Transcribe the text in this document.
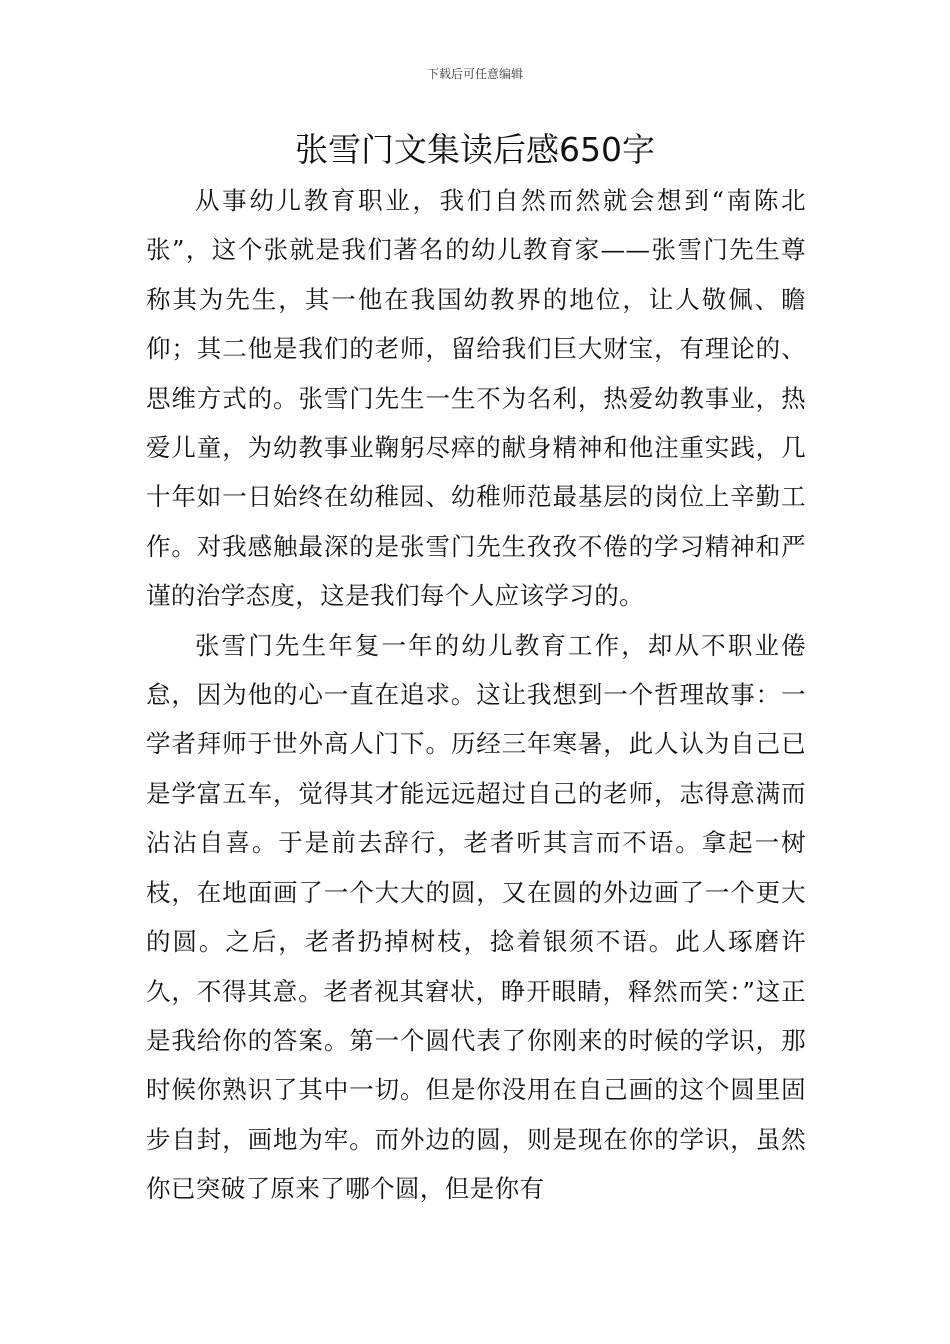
下载后可任意编辑
张雪门文集读后感650字

从事幼儿教育职业，我们自然而然就会想到“南陈北张”，这个张就是我们著名的幼儿教育家——张雪门先生尊称其为先生，其一他在我国幼教界的地位，让人敬佩、瞻仰；其二他是我们的老师，留给我们巨大财宝，有理论的、思维方式的。张雪门先生一生不为名利，热爱幼教事业，热爱儿童，为幼教事业鞠躬尽瘁的献身精神和他注重实践，几十年如一日始终在幼稚园、幼稚师范最基层的岗位上辛勤工作。对我感触最深的是张雪门先生孜孜不倦的学习精神和严谨的治学态度，这是我们每个人应该学习的。

张雪门先生年复一年的幼儿教育工作，却从不职业倦怠，因为他的心一直在追求。这让我想到一个哲理故事：一学者拜师于世外高人门下。历经三年寒暑，此人认为自己已是学富五车，觉得其才能远远超过自己的老师，志得意满而沾沾自喜。于是前去辞行，老者听其言而不语。拿起一树枝，在地面画了一个大大的圆，又在圆的外边画了一个更大的圆。之后，老者扔掉树枝，捻着银须不语。此人琢磨许久，不得其意。老者视其窘状，睁开眼睛，释然而笑：”这正是我给你的答案。第一个圆代表了你刚来的时候的学识，那时候你熟识了其中一切。但是你没用在自己画的这个圆里固步自封，画地为牢。而外边的圆，则是现在你的学识，虽然你已突破了原来了哪个圆，但是你有
